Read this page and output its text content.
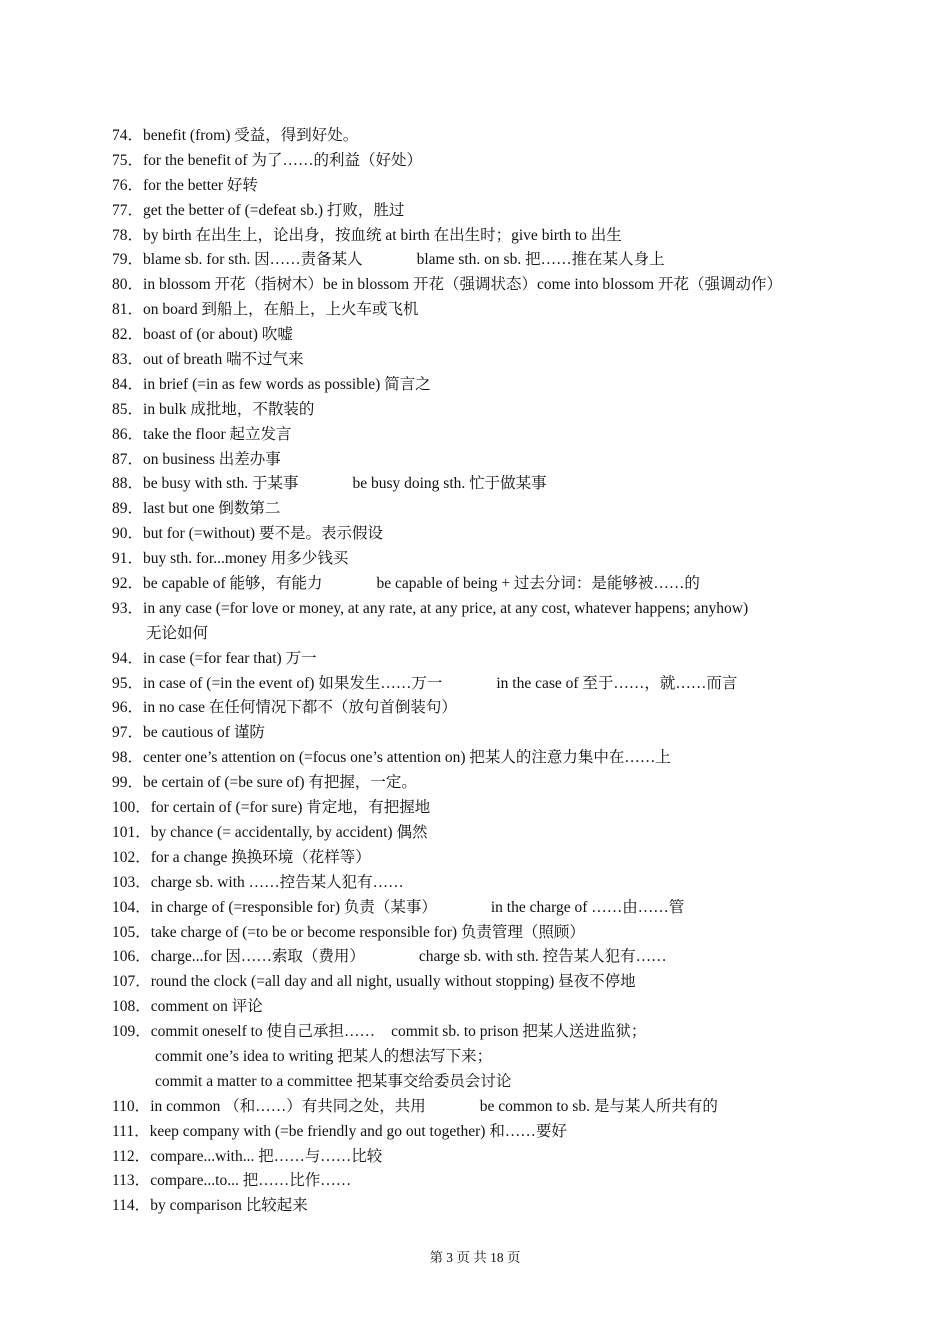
74．benefit (from) 受益，得到好处。
75．for the benefit of 为了……的利益（好处）
76．for the better 好转
77．get the better of (=defeat sb.) 打败，胜过
78．by birth 在出生上，论出身，按血统 at birth 在出生时；give birth to 出生
79．blame sb. for sth. 因……责备某人	blame sth. on sb. 把……推在某人身上
80．in blossom 开花（指树木）be in blossom 开花（强调状态）come into blossom 开花（强调动作）
81．on board 到船上，在船上，上火车或飞机
82．boast of (or about) 吹嘘
83．out of breath 喘不过气来
84．in brief (=in as few words as possible) 简言之
85．in bulk 成批地，不散装的
86．take the floor 起立发言
87．on business 出差办事
88．be busy with sth. 于某事	be busy doing sth. 忙于做某事
89．last but one 倒数第二
90．but for (=without) 要不是。表示假设
91．buy sth. for...money 用多少钱买
92．be capable of 能够，有能力	be capable of being + 过去分词：是能够被……的
93．in any case (=for love or money, at any rate, at any price, at any cost, whatever happens; anyhow)
无论如何
94．in case (=for fear that) 万一
95．in case of (=in the event of) 如果发生……万一	in the case of 至于……，就……而言
96．in no case 在任何情况下都不（放句首倒装句）
97．be cautious of 谨防
98．center one’s attention on (=focus one’s attention on) 把某人的注意力集中在……上
99．be certain of (=be sure of) 有把握，一定。
100．for certain of (=for sure) 肯定地，有把握地
101．by chance (= accidentally, by accident) 偶然
102．for a change 换换环境（花样等）
103．charge sb. with ……控告某人犯有……
104．in charge of (=responsible for) 负责（某事）	in the charge of ……由……管
105．take charge of (=to be or become responsible for) 负责管理（照顾）
106．charge...for 因……索取（费用）	charge sb. with sth. 控告某人犯有……
107．round the clock (=all day and all night, usually without stopping) 昼夜不停地
108．comment on 评论
109．commit oneself to 使自己承担…… commit sb. to prison 把某人送进监狱；
commit one’s idea to writing 把某人的想法写下来；
commit a matter to a committee 把某事交给委员会讨论
110．in common （和……）有共同之处，共用	be common to sb. 是与某人所共有的
111．keep company with (=be friendly and go out together) 和……要好
112．compare...with... 把……与……比较
113．compare...to... 把……比作……
114．by comparison 比较起来
第 3 页 共 18 页
